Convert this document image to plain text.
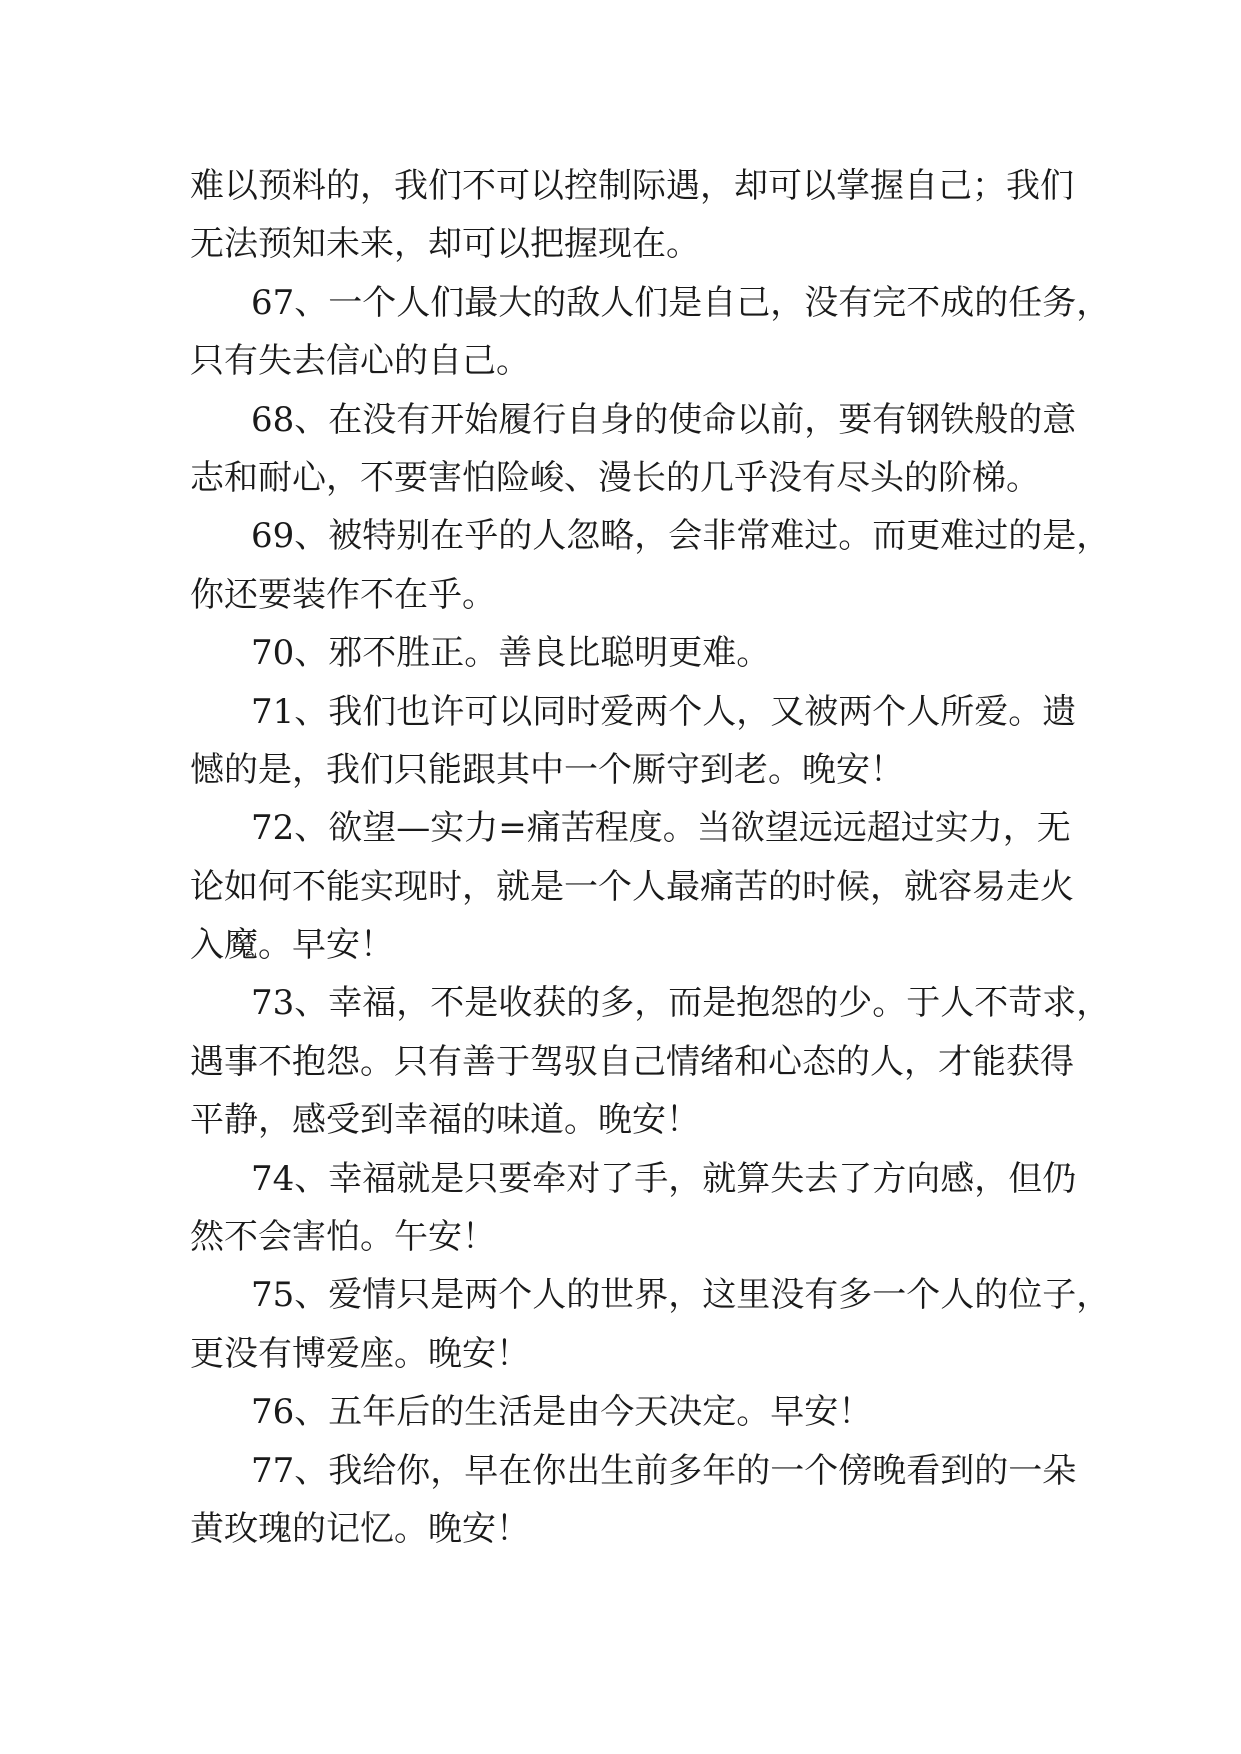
难以预料的，我们不可以控制际遇，却可以掌握自己；我们
无法预知未来，却可以把握现在。
67、一个人们最大的敌人们是自己，没有完不成的任务，
只有失去信心的自己。
68、在没有开始履行自身的使命以前，要有钢铁般的意
志和耐心，不要害怕险峻、漫长的几乎没有尽头的阶梯。
69、被特别在乎的人忽略，会非常难过。而更难过的是，
你还要装作不在乎。
70、邪不胜正。善良比聪明更难。
71、我们也许可以同时爱两个人，又被两个人所爱。遗
憾的是，我们只能跟其中一个厮守到老。晚安！
72、欲望—实力=痛苦程度。当欲望远远超过实力，无
论如何不能实现时，就是一个人最痛苦的时候，就容易走火
入魔。早安！
73、幸福，不是收获的多，而是抱怨的少。于人不苛求，
遇事不抱怨。只有善于驾驭自己情绪和心态的人，才能获得
平静，感受到幸福的味道。晚安！
74、幸福就是只要牵对了手，就算失去了方向感，但仍
然不会害怕。午安！
75、爱情只是两个人的世界，这里没有多一个人的位子，
更没有博爱座。晚安！
76、五年后的生活是由今天决定。早安！
77、我给你，早在你出生前多年的一个傍晚看到的一朵
黄玫瑰的记忆。晚安！
